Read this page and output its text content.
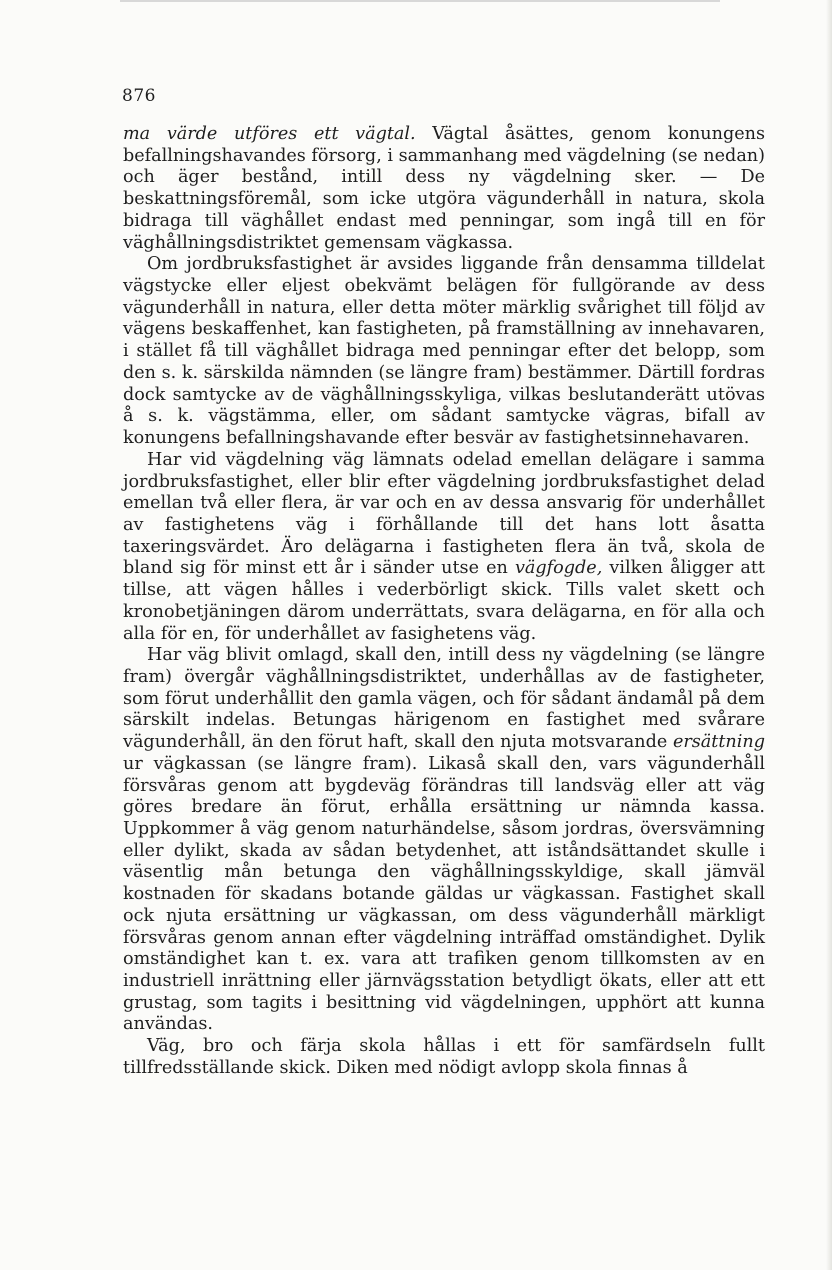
876

ma värde utföres ett vägtal. Vägtal åsättes, genom konungens befallningshavandes försorg, i sammanhang med vägdelning (se nedan) och äger bestånd, intill dess ny vägdelning sker. — De beskattningsföremål, som icke utgöra vägunderhåll in natura, skola bidraga till väghållet endast med penningar, som ingå till en för väghållningsdistriktet gemensam vägkassa.

Om jordbruksfastighet är avsides liggande från densamma tilldelat vägstycke eller eljest obekvämt belägen för fullgörande av dess vägunderhåll in natura, eller detta möter märklig svårighet till följd av vägens beskaffenhet, kan fastigheten, på framställning av innehavaren, i stället få till väghållet bidraga med penningar efter det belopp, som den s. k. särskilda nämnden (se längre fram) bestämmer. Därtill fordras dock samtycke av de väghållningsskyliga, vilkas beslutanderätt utövas å s. k. vägstämma, eller, om sådant samtycke vägras, bifall av konungens befallningshavande efter besvär av fastighetsinnehavaren.

Har vid vägdelning väg lämnats odelad emellan delägare i samma jordbruksfastighet, eller blir efter vägdelning jordbruksfastighet delad emellan två eller flera, är var och en av dessa ansvarig för underhållet av fastighetens väg i förhållande till det hans lott åsatta taxeringsvärdet. Äro delägarna i fastigheten flera än två, skola de bland sig för minst ett år i sänder utse en vägfogde, vilken åligger att tillse, att vägen hålles i vederbörligt skick. Tills valet skett och kronobetjäningen därom underrättats, svara delägarna, en för alla och alla för en, för underhållet av fasighetens väg.

Har väg blivit omlagd, skall den, intill dess ny vägdelning (se längre fram) övergår väghållningsdistriktet, underhållas av de fastigheter, som förut underhållit den gamla vägen, och för sådant ändamål på dem särskilt indelas. Betungas härigenom en fastighet med svårare vägunderhåll, än den förut haft, skall den njuta motsvarande ersättning ur vägkassan (se längre fram). Likaså skall den, vars vägunderhåll försvåras genom att bygdeväg förändras till landsväg eller att väg göres bredare än förut, erhålla ersättning ur nämnda kassa. Uppkommer å väg genom naturhändelse, såsom jordras, översvämning eller dylikt, skada av sådan betydenhet, att iståndsättandet skulle i väsentlig mån betunga den väghållningsskyldige, skall jämväl kostnaden för skadans botande gäldas ur vägkassan. Fastighet skall ock njuta ersättning ur vägkassan, om dess vägunderhåll märkligt försvåras genom annan efter vägdelning inträffad omständighet. Dylik omständighet kan t. ex. vara att trafiken genom tillkomsten av en industriell inrättning eller järnvägsstation betydligt ökats, eller att ett grustag, som tagits i besittning vid vägdelningen, upphört att kunna användas.

Väg, bro och färja skola hållas i ett för samfärdseln fullt tillfredsställande skick. Diken med nödigt avlopp skola finnas å
